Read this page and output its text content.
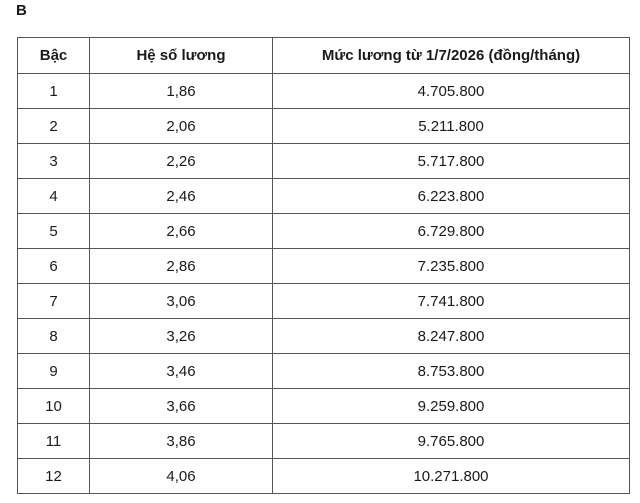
B
Bậc	Hệ số lương	Mức lương từ 1/7/2026 (đồng/tháng)
1	1,86	4.705.800
2	2,06	5.211.800
3	2,26	5.717.800
4	2,46	6.223.800
5	2,66	6.729.800
6	2,86	7.235.800
7	3,06	7.741.800
8	3,26	8.247.800
9	3,46	8.753.800
10	3,66	9.259.800
11	3,86	9.765.800
12	4,06	10.271.800
